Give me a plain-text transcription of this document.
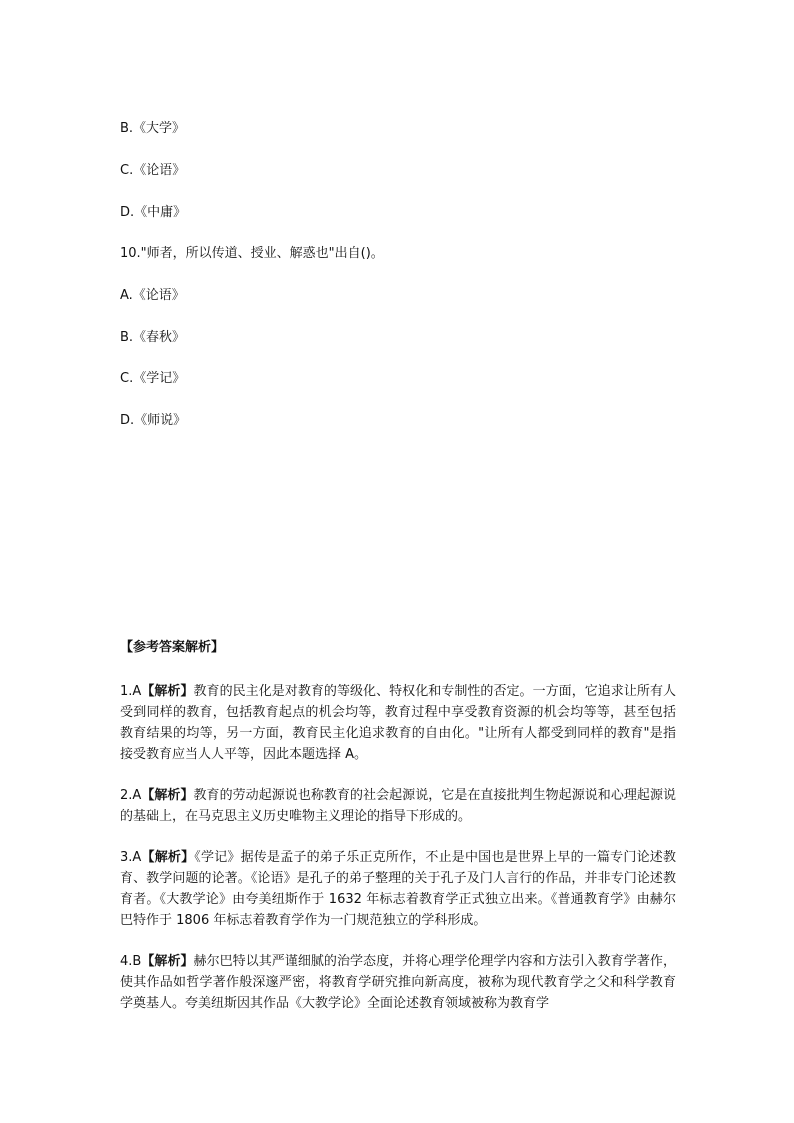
B.《大学》
C.《论语》
D.《中庸》
10."师者，所以传道、授业、解惑也"出自()。
A.《论语》
B.《春秋》
C.《学记》
D.《师说》
【参考答案解析】
1.A【解析】教育的民主化是对教育的等级化、特权化和专制性的否定。一方面，它追求让所有人受到同样的教育，包括教育起点的机会均等，教育过程中享受教育资源的机会均等等，甚至包括教育结果的均等，另一方面，教育民主化追求教育的自由化。"让所有人都受到同样的教育"是指接受教育应当人人平等，因此本题选择 A。
2.A【解析】教育的劳动起源说也称教育的社会起源说，它是在直接批判生物起源说和心理起源说的基础上，在马克思主义历史唯物主义理论的指导下形成的。
3.A【解析】《学记》据传是孟子的弟子乐正克所作，不止是中国也是世界上早的一篇专门论述教育、教学问题的论著。《论语》是孔子的弟子整理的关于孔子及门人言行的作品，并非专门论述教育者。《大教学论》由夸美纽斯作于 1632 年标志着教育学正式独立出来。《普通教育学》由赫尔巴特作于 1806 年标志着教育学作为一门规范独立的学科形成。
4.B【解析】赫尔巴特以其严谨细腻的治学态度，并将心理学伦理学内容和方法引入教育学著作，使其作品如哲学著作般深邃严密，将教育学研究推向新高度，被称为现代教育学之父和科学教育学奠基人。夸美纽斯因其作品《大教学论》全面论述教育领域被称为教育学
